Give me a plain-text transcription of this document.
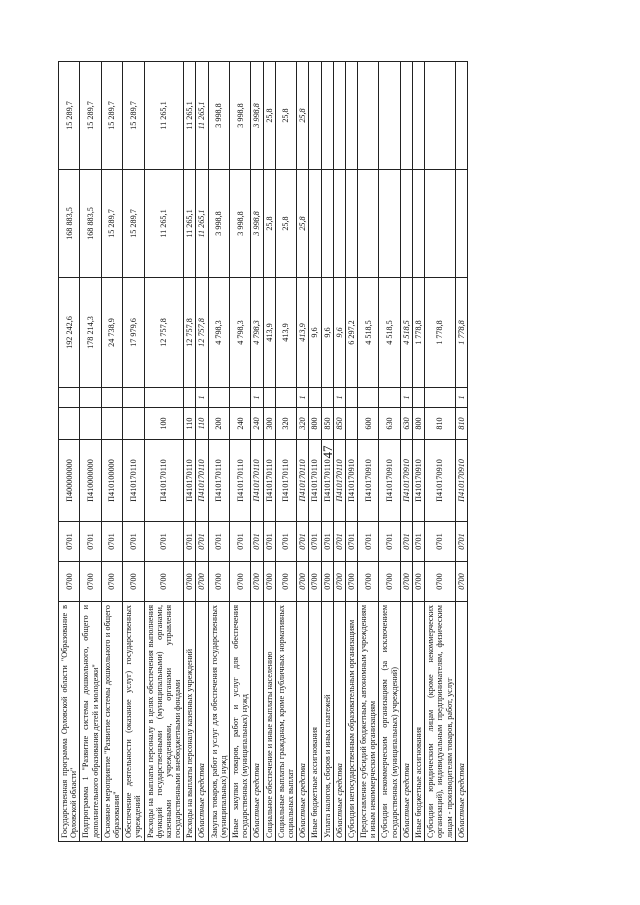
47
Государственная программа Орловской области "Образование в Орловской области"	0700	0701	П400000000			192 242,6	168 883,5	15 289,7
Подпрограмма 1 "Развитие системы дошкольного, общего и дополнительного образования детей и молодежи"	0700	0701	П410000000			178 214,3	168 883,5	15 289,7
Основное мероприятие "Развитие системы дошкольного и общего образования"	0700	0701	П410100000			24 738,9	15 289,7	15 289,7
Обеспечение деятельности (оказание услуг) государственных учреждений	0700	0701	П410170110			17 979,6	15 289,7	15 289,7
Расходы на выплаты персоналу в целях обеспечения выполнения функций государственными (муниципальными) органами, казенными учреждениями, органами управления государственными внебюджетными фондами	0700	0701	П410170110	100		12 757,8	11 265,1	11 265,1
Расходы на выплаты персоналу казенных учреждений	0700	0701	П410170110	110		12 757,8	11 265,1	11 265,1
Областные средства	0700	0701	П410170110	110	1	12 757,8	11 265,1	11 265,1
Закупка товаров, работ и услуг для обеспечения государственных (муниципальных) нужд	0700	0701	П410170110	200		4 798,3	3 998,8	3 998,8
Иные закупки товаров, работ и услуг для обеспечения государственных (муниципальных) нужд	0700	0701	П410170110	240		4 798,3	3 998,8	3 998,8
Областные средства	0700	0701	П410170110	240	1	4 798,3	3 998,8	3 998,8
Социальное обеспечение и иные выплаты населению	0700	0701	П410170110	300		413,9	25,8	25,8
Социальные выплаты гражданам, кроме публичных нормативных социальных выплат	0700	0701	П410170110	320		413,9	25,8	25,8
Областные средства	0700	0701	П410170110	320	1	413,9	25,8	25,8
Иные бюджетные ассигнования	0700	0701	П410170110	800		9,6		
Уплата налогов, сборов и иных платежей	0700	0701	П410170110	850		9,6		
Областные средства	0700	0701	П410170110	850	1	9,6		
Субсидии негосударственным образовательным организациям	0700	0701	П410170910			6 297,2		
Предоставление субсидий бюджетным, автономным учреждениям и иным некоммерческим организациям	0700	0701	П410170910	600		4 518,5		
Субсидии некоммерческим организациям (за исключением государственных (муниципальных) учреждений)	0700	0701	П410170910	630		4 518,5		
Областные средства	0700	0701	П410170910	630	1	4 518,5		
Иные бюджетные ассигнования	0700	0701	П410170910	800		1 778,8		
Субсидии юридическим лицам (кроме некоммерческих организаций), индивидуальным предпринимателям, физическим лицам - производителям товаров, работ, услуг	0700	0701	П410170910	810		1 778,8		
Областные средства	0700	0701	П410170910	810	1	1 778,8		
